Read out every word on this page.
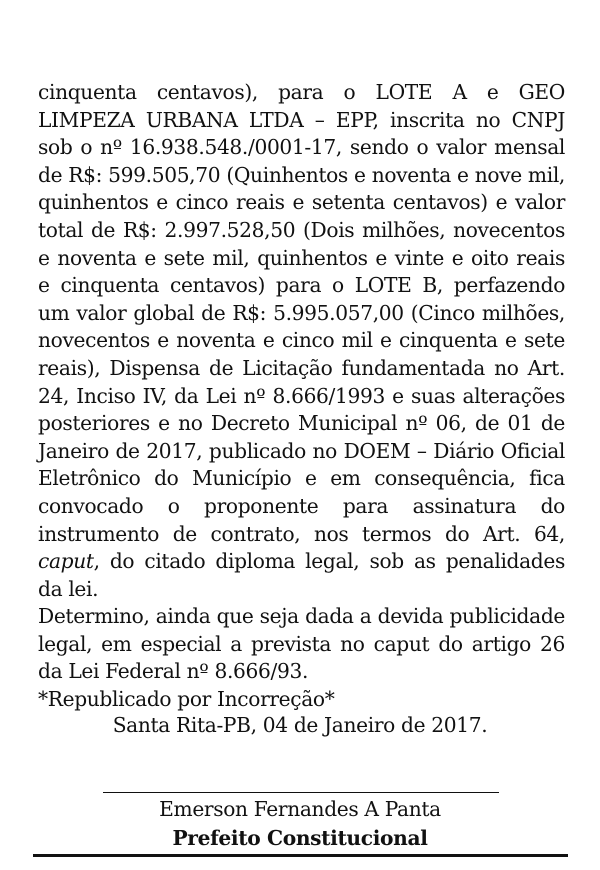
cinquenta centavos), para o LOTE A e GEO LIMPEZA URBANA LTDA – EPP, inscrita no CNPJ sob o nº 16.938.548./0001-17, sendo o valor mensal de R$: 599.505,70 (Quinhentos e noventa e nove mil, quinhentos e cinco reais e setenta centavos) e valor total de R$: 2.997.528,50 (Dois milhões, novecentos e noventa e sete mil, quinhentos e vinte e oito reais e cinquenta centavos) para o LOTE B, perfazendo um valor global de R$: 5.995.057,00 (Cinco milhões, novecentos e noventa e cinco mil e cinquenta e sete reais), Dispensa de Licitação fundamentada no Art. 24, Inciso IV, da Lei nº 8.666/1993 e suas alterações posteriores e no Decreto Municipal nº 06, de 01 de Janeiro de 2017, publicado no DOEM – Diário Oficial Eletrônico do Município e em consequência, fica convocado o proponente para assinatura do instrumento de contrato, nos termos do Art. 64, caput, do citado diploma legal, sob as penalidades da lei.

Determino, ainda que seja dada a devida publicidade legal, em especial a prevista no caput do artigo 26 da Lei Federal nº 8.666/93.

*Republicado por Incorreção*

Santa Rita-PB, 04 de Janeiro de 2017.
Emerson Fernandes A Panta
Prefeito Constitucional
